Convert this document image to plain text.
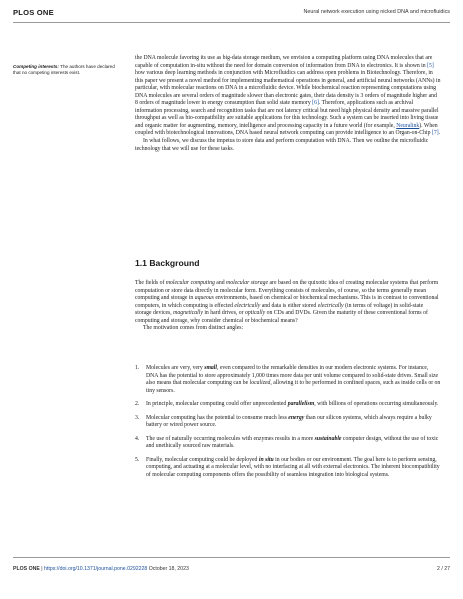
PLOS ONE	Neural network execution using nicked DNA and microfluidics
Competing interests: The authors have declared that no competing interests exist.

the DNA molecule favoring its use as big-data storage medium, we envision a computing platform using DNA molecules that are capable of computation in-situ without the need for domain conversion of information from DNA to electronics. It is shown in [5] how various deep learning methods in conjunction with Microfluidics can address open problems in Biotechnology. Therefore, in this paper we present a novel method for implementing mathematical operations in general, and artificial neural networks (ANNs) in particular, with molecular reactions on DNA in a microfluidic device. While biochemical reaction representing computations using DNA molecules are several orders of magnitude slower than electronic gates, their data density is 3 orders of magnitude higher and 8 orders of magnitude lower in energy consumption than solid state memory [6]. Therefore, applications such as archival information processing, search and recognition tasks that are not latency critical but need high physical density and massive parallel throughput as well as bio-compatibility are suitable applications for this technology. Such a system can be inserted into living tissue and organic matter for augmenting, memory, intelligence and processing capacity in a future world (for example, Neuralink). When coupled with biotechnological innovations, DNA based neural network computing can provide intelligence to an Organ-on-Chip [7].

In what follows, we discuss the impetus to store data and perform computation with DNA. Then we outline the microfluidic technology that we will use for these tasks.

1.1 Background

The fields of molecular computing and molecular storage are based on the quixotic idea of creating molecular systems that perform computation or store data directly in molecular form. Everything consists of molecules, of course, so the terms generally mean computing and storage in aqueous environments, based on chemical or biochemical mechanisms. This is in contrast to conventional computers, in which computing is effected electrically and data is either stored electrically (in terms of voltage) in solid-state storage devices, magnetically in hard drives, or optically on CDs and DVDs. Given the maturity of these conventional forms of computing and storage, why consider chemical or biochemical means?

The motivation comes from distinct angles:

1. Molecules are very, very small, even compared to the remarkable densities in our modern electronic systems. For instance, DNA has the potential to store approximately 1,000 times more data per unit volume compared to solid-state drives. Small size also means that molecular computing can be localized, allowing it to be performed in confined spaces, such as inside cells or on tiny sensors.
2. In principle, molecular computing could offer unprecedented parallelism, with billions of operations occurring simultaneously.
3. Molecular computing has the potential to consume much less energy than our silicon systems, which always require a bulky battery or wired power source.
4. The use of naturally occurring molecules with enzymes results in a more sustainable computer design, without the use of toxic and unethically sourced raw materials.
5. Finally, molecular computing could be deployed in situ in our bodies or our environment. The goal here is to perform sensing, computing, and actuating at a molecular level, with no interfacing at all with external electronics. The inherent biocompatibility of molecular computing components offers the possibility of seamless integration into biological systems.
PLOS ONE | https://doi.org/10.1371/journal.pone.0292228 October 18, 2023	2 / 27
